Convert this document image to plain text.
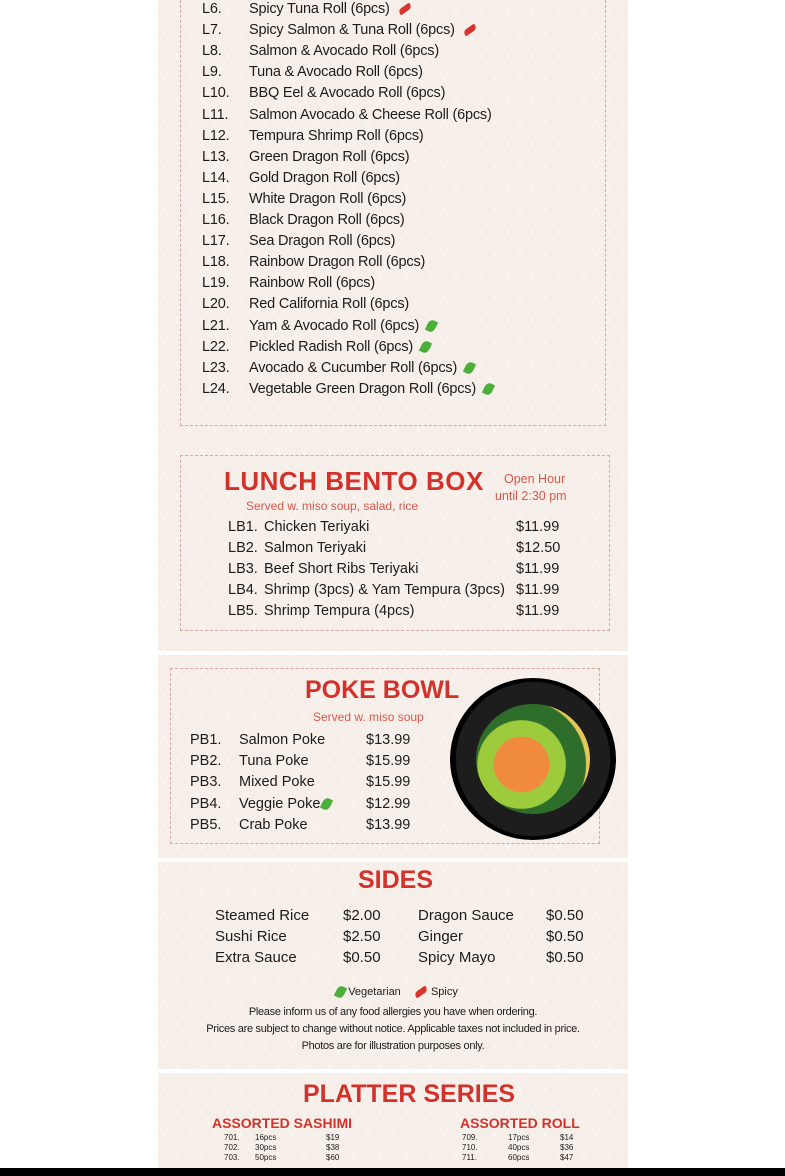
L6. Spicy Tuna Roll (6pcs)
L7. Spicy Salmon & Tuna Roll (6pcs)
L8. Salmon & Avocado Roll (6pcs)
L9. Tuna & Avocado Roll (6pcs)
L10. BBQ Eel & Avocado Roll (6pcs)
L11. Salmon Avocado & Cheese Roll (6pcs)
L12. Tempura Shrimp Roll (6pcs)
L13. Green Dragon Roll (6pcs)
L14. Gold Dragon Roll (6pcs)
L15. White Dragon Roll (6pcs)
L16. Black Dragon Roll (6pcs)
L17. Sea Dragon Roll (6pcs)
L18. Rainbow Dragon Roll (6pcs)
L19. Rainbow Roll (6pcs)
L20. Red California Roll (6pcs)
L21. Yam & Avocado Roll (6pcs)
L22. Pickled Radish Roll (6pcs)
L23. Avocado & Cucumber Roll (6pcs)
L24. Vegetable Green Dragon Roll (6pcs)
LUNCH BENTO BOX
Served w. miso soup, salad, rice
Open Hour
until 2:30 pm
LB1. Chicken Teriyaki	$11.99
LB2. Salmon Teriyaki	$12.50
LB3. Beef Short Ribs Teriyaki	$11.99
LB4. Shrimp (3pcs) & Yam Tempura (3pcs) $11.99
LB5. Shrimp Tempura (4pcs)	$11.99
POKE BOWL
Served w. miso soup
PB1. Salmon Poke	$13.99
PB2. Tuna Poke	$15.99
PB3. Mixed Poke	$15.99
PB4. Veggie Poke	$12.99
PB5. Crab Poke	$13.99
SIDES
Steamed Rice $2.00
Sushi Rice	$2.50
Extra Sauce	$0.50
Dragon Sauce $0.50
Ginger	$0.50
Spicy Mayo	$0.50
Vegetarian	Spicy
Please inform us of any food allergies you have when ordering.
Prices are subject to change without notice. Applicable taxes not included in price.
Photos are for illustration purposes only.
PLATTER SERIES
ASSORTED SASHIMI	ASSORTED ROLL
701. 16pcs	$19
702. 30pcs	$38
703. 50pcs	$60
709.	17pcs	$14
710.	40pcs	$36
711.	60pcs	$47
